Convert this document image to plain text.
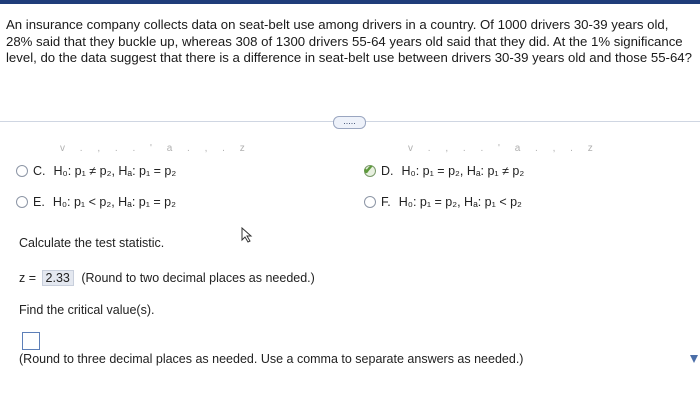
An insurance company collects data on seat-belt use among drivers in a country. Of 1000 drivers 30-39 years old, 28% said that they buckle up, whereas 308 of 1300 drivers 55-64 years old said that they did. At the 1% significance level, do the data suggest that there is a difference in seat-belt use between drivers 30-39 years old and those 55-64?
.....
v . , . . ' a . , . z	v . , . . ' a . , . z
C. H₀: p₁ ≠ p₂, Hₐ: p₁ = p₂	✔ D. H₀: p₁ = p₂, Hₐ: p₁ ≠ p₂
E. H₀: p₁ < p₂, Hₐ: p₁ = p₂	F. H₀: p₁ = p₂, Hₐ: p₁ < p₂
Calculate the test statistic.
z = 2.33 (Round to two decimal places as needed.)
Find the critical value(s).
(Round to three decimal places as needed. Use a comma to separate answers as needed.)
